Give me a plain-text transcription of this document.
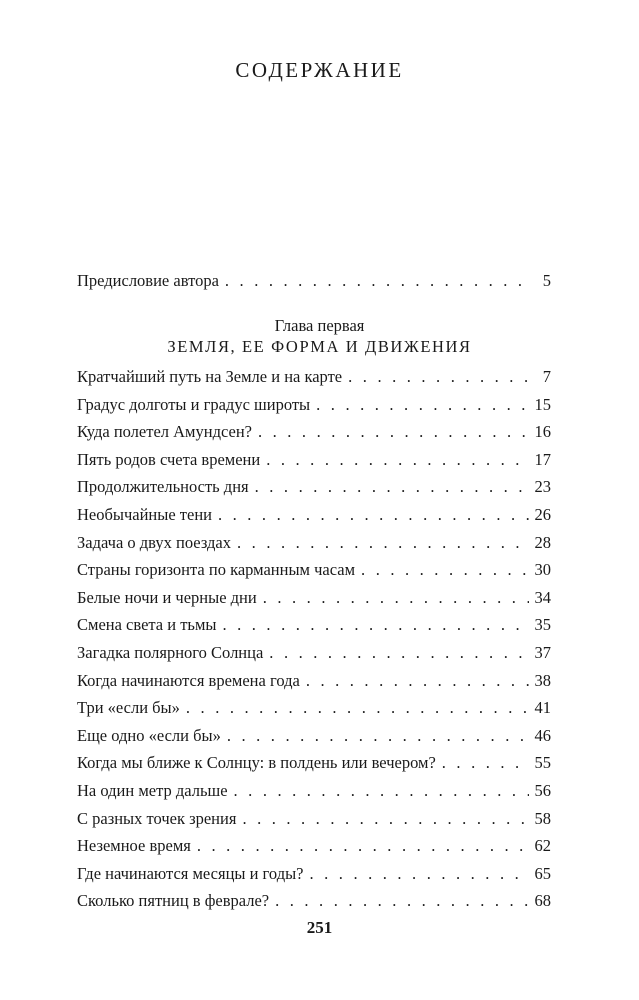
СОДЕРЖАНИЕ
Предисловие автора . . .	5
Глава первая
ЗЕМЛЯ, ЕЕ ФОРМА И ДВИЖЕНИЯ
Кратчайший путь на Земле и на карте . . .	7
Градус долготы и градус широты . . .	15
Куда полетел Амундсен? . . .	16
Пять родов счета времени . . .	17
Продолжительность дня . . .	23
Необычайные тени . . .	26
Задача о двух поездах . . .	28
Страны горизонта по карманным часам . . .	30
Белые ночи и черные дни . . .	34
Смена света и тьмы . . .	35
Загадка полярного Солнца . . .	37
Когда начинаются времена года . . .	38
Три «если бы» . . .	41
Еще одно «если бы» . . .	46
Когда мы ближе к Солнцу: в полдень или вечером? . . .	55
На один метр дальше . . .	56
С разных точек зрения . . .	58
Неземное время . . .	62
Где начинаются месяцы и годы? . . .	65
Сколько пятниц в феврале? . . .	68
251
